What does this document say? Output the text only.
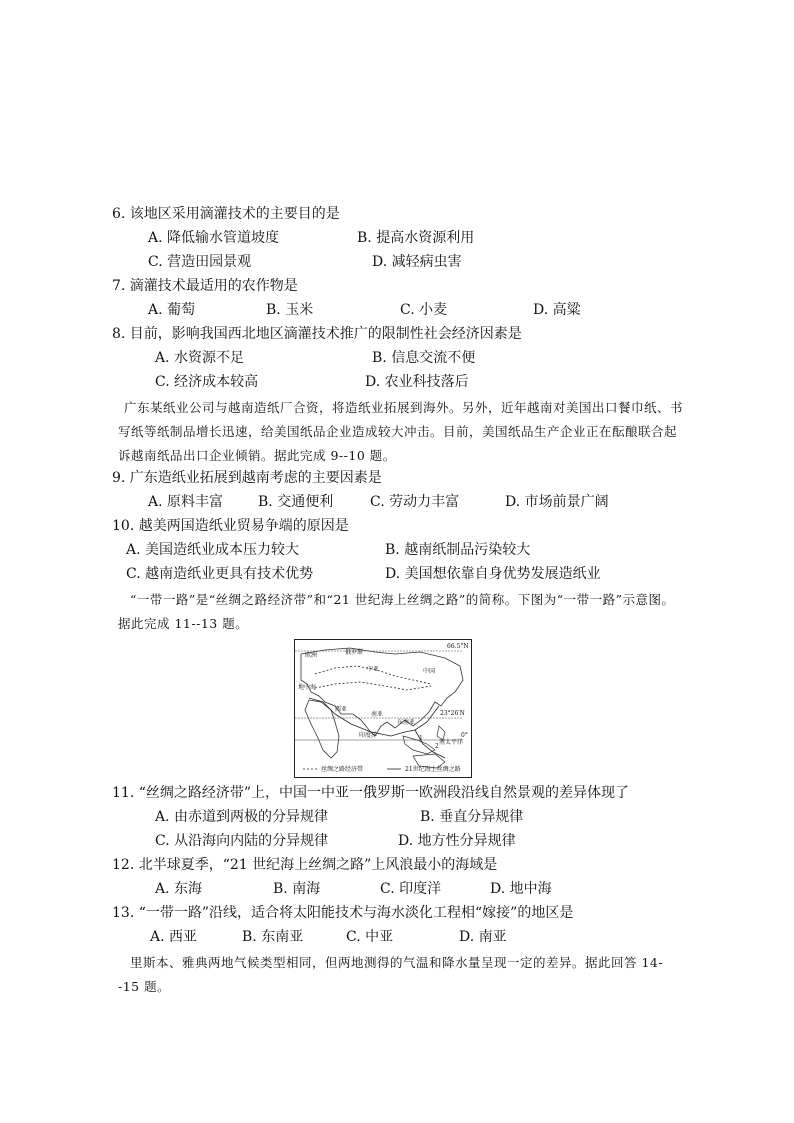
6. 该地区采用滴灌技术的主要目的是
A. 降低输水管道坡度	B. 提高水资源利用
C. 营造田园景观	D. 减轻病虫害
7. 滴灌技术最适用的农作物是
A. 葡萄	B. 玉米	C. 小麦	D. 高粱
8. 目前，影响我国西北地区滴灌技术推广的限制性社会经济因素是
A. 水资源不足	B. 信息交流不便
C. 经济成本较高	D. 农业科技落后
广东某纸业公司与越南造纸厂合资，将造纸业拓展到海外。另外，近年越南对美国出口餐巾纸、书写纸等纸制品增长迅速，给美国纸品企业造成较大冲击。目前，美国纸品生产企业正在酝酿联合起诉越南纸品出口企业倾销。据此完成 9--10 题。
9. 广东造纸业拓展到越南考虑的主要因素是
A. 原料丰富 B. 交通便利	C. 劳动力丰富	D. 市场前景广阔
10. 越美两国造纸业贸易争端的原因是
A. 美国造纸业成本压力较大	B. 越南纸制品污染较大
C. 越南造纸业更具有技术优势	D. 美国想依靠自身优势发展造纸业
“一带一路”是“丝绸之路经济带”和“21 世纪海上丝绸之路”的简称。下图为“一带一路”示意图。据此完成 11--13 题。
欧洲	俄罗斯
中亚	中国
地中海
西亚
南亚
东南亚
印度洋
南太平洋
1
2
66.5°N
23°26′N
0°
丝绸之路经济带	21世纪海上丝绸之路
11. “丝绸之路经济带”上，中国一中亚一俄罗斯一欧洲段沿线自然景观的差异体现了
A. 由赤道到两极的分异规律	B. 垂直分异规律
C. 从沿海向内陆的分异规律	D. 地方性分异规律
12. 北半球夏季，“21 世纪海上丝绸之路”上风浪最小的海域是
A. 东海	B. 南海	C. 印度洋	D. 地中海
13. “一带一路”沿线，适合将太阳能技术与海水淡化工程相“嫁接”的地区是
A. 西亚	B. 东南亚	C. 中亚	D. 南亚
里斯本、雅典两地气候类型相同，但两地测得的气温和降水量呈现一定的差异。据此回答 14--15 题。
